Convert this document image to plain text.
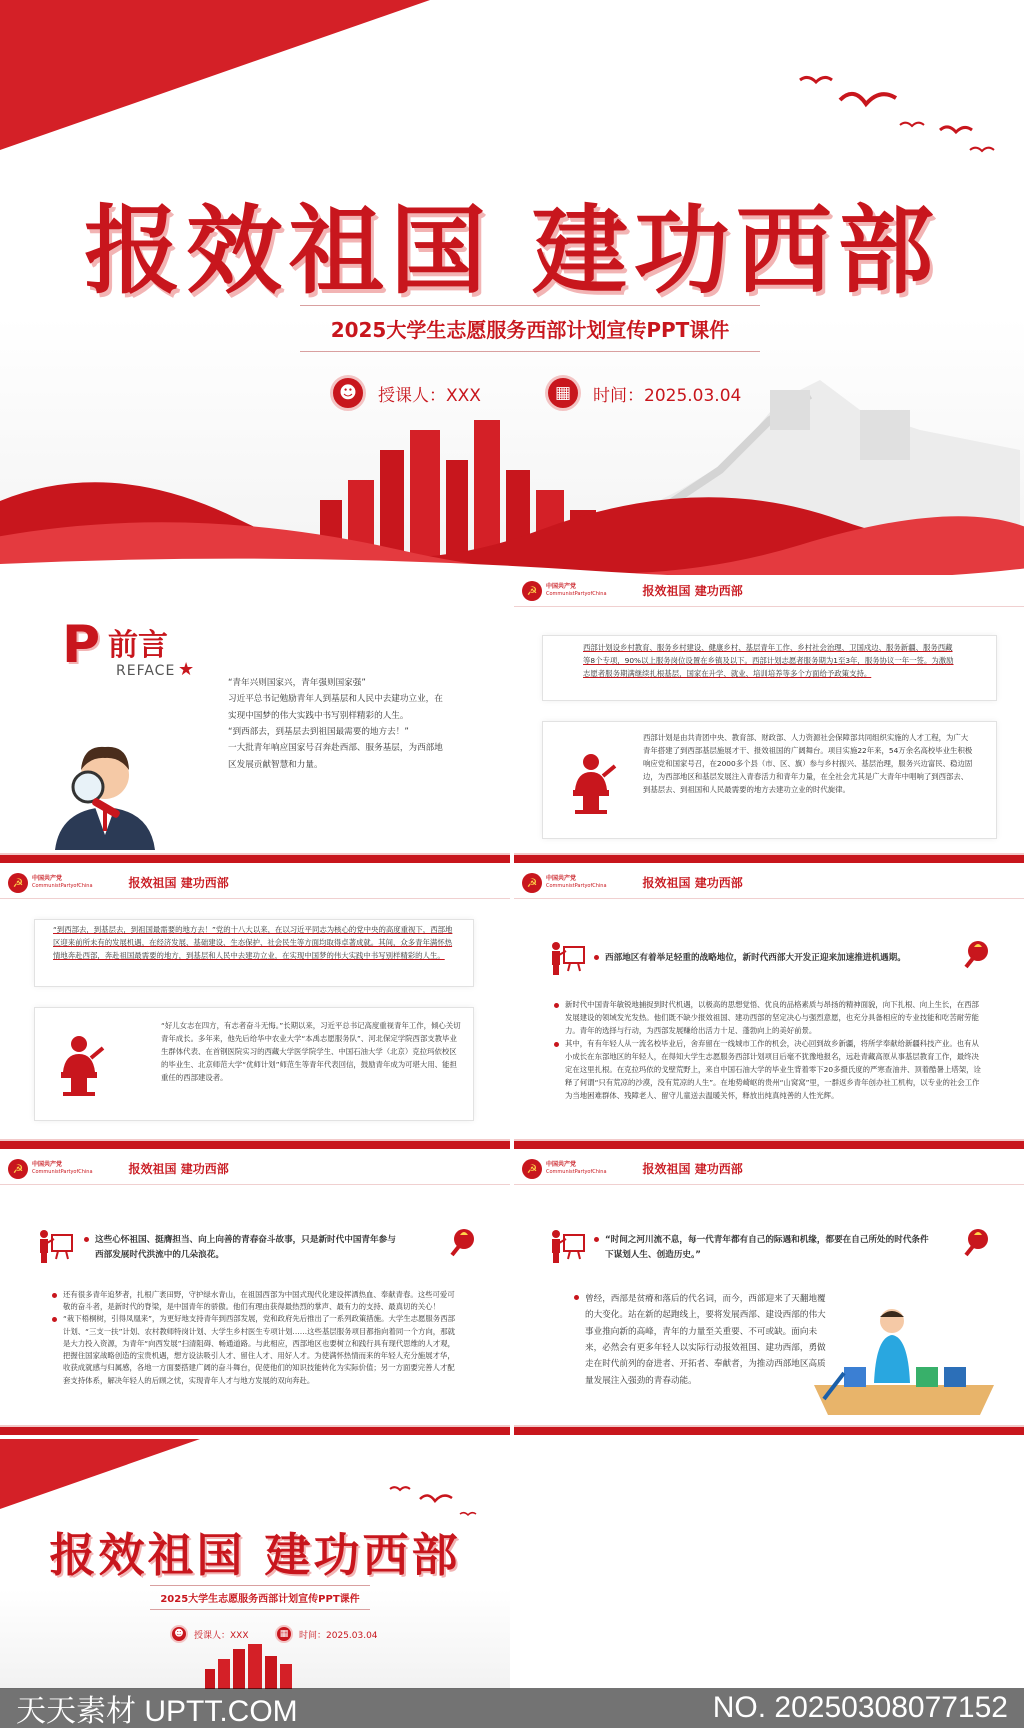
报效祖国 建功西部
2025大学生志愿服务西部计划宣传PPT课件
☻	授课人：XXX	▦	时间：2025.03.04
P 前言
REFACE ★
“青年兴则国家兴，青年强则国家强”
习近平总书记勉励青年人到基层和人民中去建功立业，在实现中国梦的伟大实践中书写别样精彩的人生。
“到西部去，到基层去到祖国最需要的地方去！”
一大批青年响应国家号召奔赴西部、服务基层，为西部地区发展贡献智慧和力量。
☭	中国共产党
CommunistPartyofChina	报效祖国 建功西部
西部计划设乡村教育、服务乡村建设、健康乡村、基层青年工作、乡村社会治理、卫国戍边、服务新疆、服务西藏等8个专项，90%以上服务岗位设置在乡镇及以下。西部计划志愿者服务期为1至3年，服务协议一年一签。为激励志愿者服务期满继续扎根基层，国家在升学、就业、培训培养等多个方面给予政策支持。
西部计划是由共青团中央、教育部、财政部、人力资源社会保障部共同组织实施的人才工程，为广大青年搭建了到西部基层施展才干、报效祖国的广阔舞台。项目实施22年来，54万余名高校毕业生积极响应党和国家号召，在2000多个县（市、区、旗）参与乡村振兴、基层治理，服务兴边富民、稳边固边，为西部地区和基层发展注入青春活力和青年力量，在全社会尤其是广大青年中唱响了到西部去、到基层去、到祖国和人民最需要的地方去建功立业的时代旋律。
☭	中国共产党
CommunistPartyofChina	报效祖国 建功西部
“到西部去，到基层去，到祖国最需要的地方去！”党的十八大以来，在以习近平同志为核心的党中央的高度重视下，西部地区迎来前所未有的发展机遇，在经济发展、基础建设、生态保护、社会民生等方面均取得卓著成就。其间，众多青年满怀热情地奔赴西部，奔赴祖国最需要的地方，到基层和人民中去建功立业，在实现中国梦的伟大实践中书写别样精彩的人生。
“好儿女志在四方，有志者奋斗无悔。”长期以来，习近平总书记高度重视青年工作，倾心关切青年成长。多年来，他先后给华中农业大学“本禹志愿服务队”、河北保定学院西部支教毕业生群体代表、在首钢医院实习的西藏大学医学院学生、中国石油大学（北京）克拉玛依校区的毕业生、北京师范大学“优师计划”师范生等青年代表回信，鼓励青年成为可堪大用、能担重任的西部建设者。
☭	中国共产党
CommunistPartyofChina	报效祖国 建功西部
西部地区有着举足轻重的战略地位，新时代西部大开发正迎来加速推进机遇期。
新时代中国青年敏锐地捕捉到时代机遇，以极高的思想觉悟、优良的品格素质与昂扬的精神面貌，向下扎根、向上生长，在西部发展建设的领域发光发热。他们既不缺少报效祖国、建功西部的坚定决心与强烈意愿，也充分具备相应的专业技能和吃苦耐劳能力。青年的选择与行动，为西部发展赚给出活力十足、蓬勃向上的美好前景。
其中，有有年轻人从一流名校毕业后，舍弃留在一线城市工作的机会，决心回到故乡新疆，将所学奉献给新疆科技产业。也有从小成长在东部地区的年轻人，在得知大学生志愿服务西部计划项目后毫不犹豫地报名，远赴青藏高原从事基层教育工作，最终决定在这里扎根。在克拉玛依的戈壁荒野上，来自中国石油大学的毕业生背着零下20多摄氏度的严寒查油井、顶着酷暑上塔架，诠释了何谓“只有荒凉的沙漠，没有荒凉的人生”。在地势崎岖的贵州“山窝窝”里，一群返乡青年创办社工机构，以专业的社会工作为当地困难群体、残障老人、留守儿童送去温暖关怀，释放出纯真纯善的人性光辉。
☭	中国共产党
CommunistPartyofChina	报效祖国 建功西部
这些心怀祖国、挺膺担当、向上向善的青春奋斗故事，只是新时代中国青年参与西部发展时代洪流中的几朵浪花。
还有很多青年追梦者，扎根广袤田野，守护绿水青山，在祖国西部为中国式现代化建设挥洒热血、奉献青春。这些可爱可敬的奋斗者，是新时代的脊梁，是中国青年的骄傲。他们有理由获得最热烈的掌声、最有力的支持、最真切的关心！
“栽下梧桐树，引得凤凰来”，为更好地支持青年到西部发展，党和政府先后推出了一系列政策措施。大学生志愿服务西部计划、“三支一扶”计划、农村教师特岗计划、大学生乡村医生专项计划……这些基层服务项目都指向着同一个方向，那就是大力投入资源，为青年“向西发展”扫清阻碍、畅通道路。与此相应，西部地区也要树立和践行具有现代思维的人才观，把握住国家战略创造的宝贵机遇，想方设法吸引人才、留住人才、用好人才。为使满怀热情而来的年轻人充分施展才华，收获成就感与归属感，各地一方面要搭建广阔的奋斗舞台，促使他们的知识技能转化为实际价值；另一方面要完善人才配套支持体系，解决年轻人的后顾之忧，实现青年人才与地方发展的双向奔赴。
☭	中国共产党
CommunistPartyofChina	报效祖国 建功西部
“时间之河川流不息，每一代青年都有自己的际遇和机缘，都要在自己所处的时代条件下谋划人生、创造历史。”
曾经，西部是贫瘠和落后的代名词，而今，西部迎来了天翻地覆的大变化。站在新的起跑线上，要将发展西部、建设西部的伟大事业推向新的高峰，青年的力量至关重要、不可或缺。面向未来，必然会有更多年轻人以实际行动报效祖国、建功西部，勇做走在时代前列的奋进者、开拓者、奉献者，为推动西部地区高质量发展注入强劲的青春动能。
报效祖国 建功西部
2025大学生志愿服务西部计划宣传PPT课件
☻	授课人：XXX	▦	时间：2025.03.04
天天素材 UPTT.COM	NO. 20250308077152
